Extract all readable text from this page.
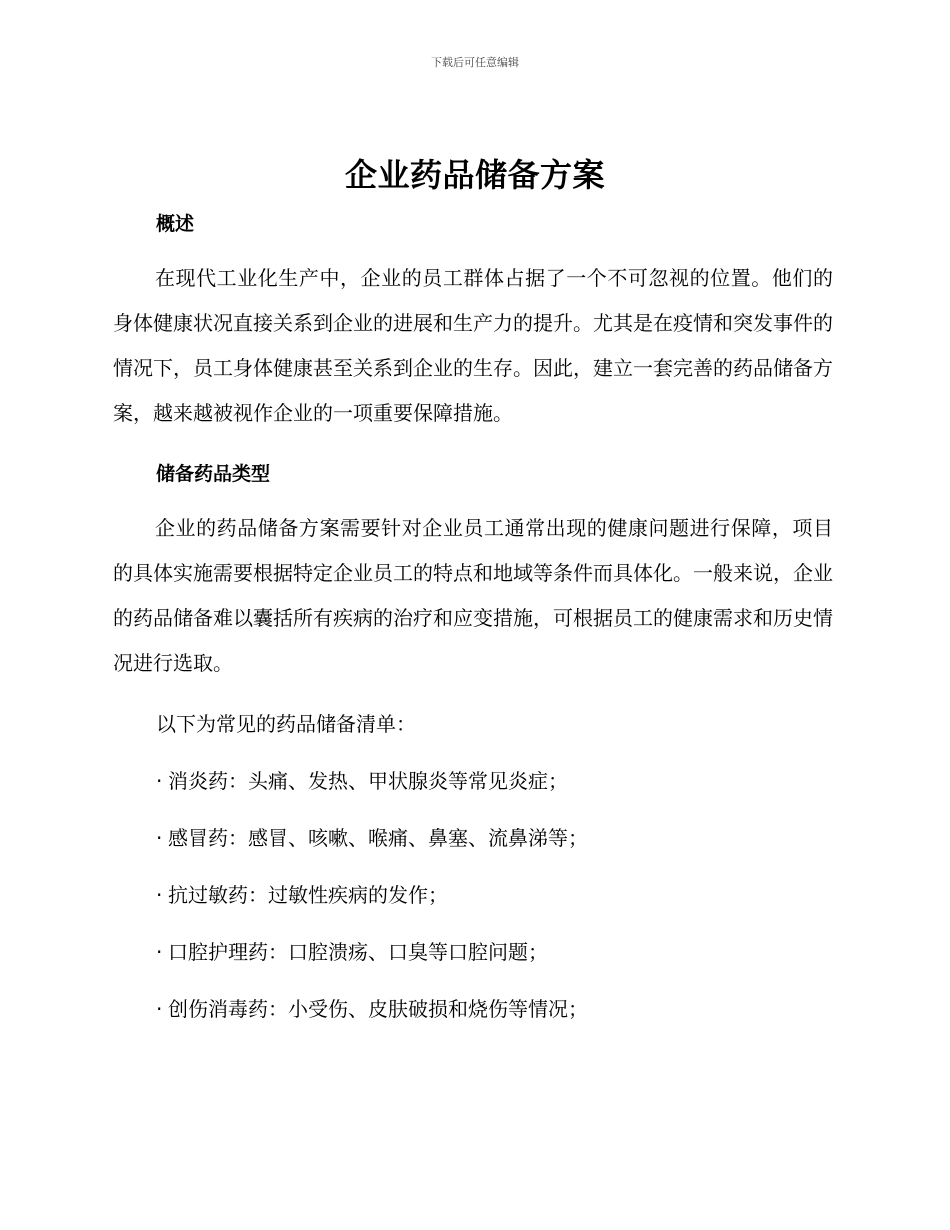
下载后可任意编辑
企业药品储备方案
概述

在现代工业化生产中，企业的员工群体占据了一个不可忽视的位置。他们的身体健康状况直接关系到企业的进展和生产力的提升。尤其是在疫情和突发事件的情况下，员工身体健康甚至关系到企业的生存。因此，建立一套完善的药品储备方案，越来越被视作企业的一项重要保障措施。

储备药品类型

企业的药品储备方案需要针对企业员工通常出现的健康问题进行保障，项目的具体实施需要根据特定企业员工的特点和地域等条件而具体化。一般来说，企业的药品储备难以囊括所有疾病的治疗和应变措施，可根据员工的健康需求和历史情况进行选取。

以下为常见的药品储备清单：

· 消炎药：头痛、发热、甲状腺炎等常见炎症；
· 感冒药：感冒、咳嗽、喉痛、鼻塞、流鼻涕等；
· 抗过敏药：过敏性疾病的发作；
· 口腔护理药：口腔溃疡、口臭等口腔问题；
· 创伤消毒药：小受伤、皮肤破损和烧伤等情况；
